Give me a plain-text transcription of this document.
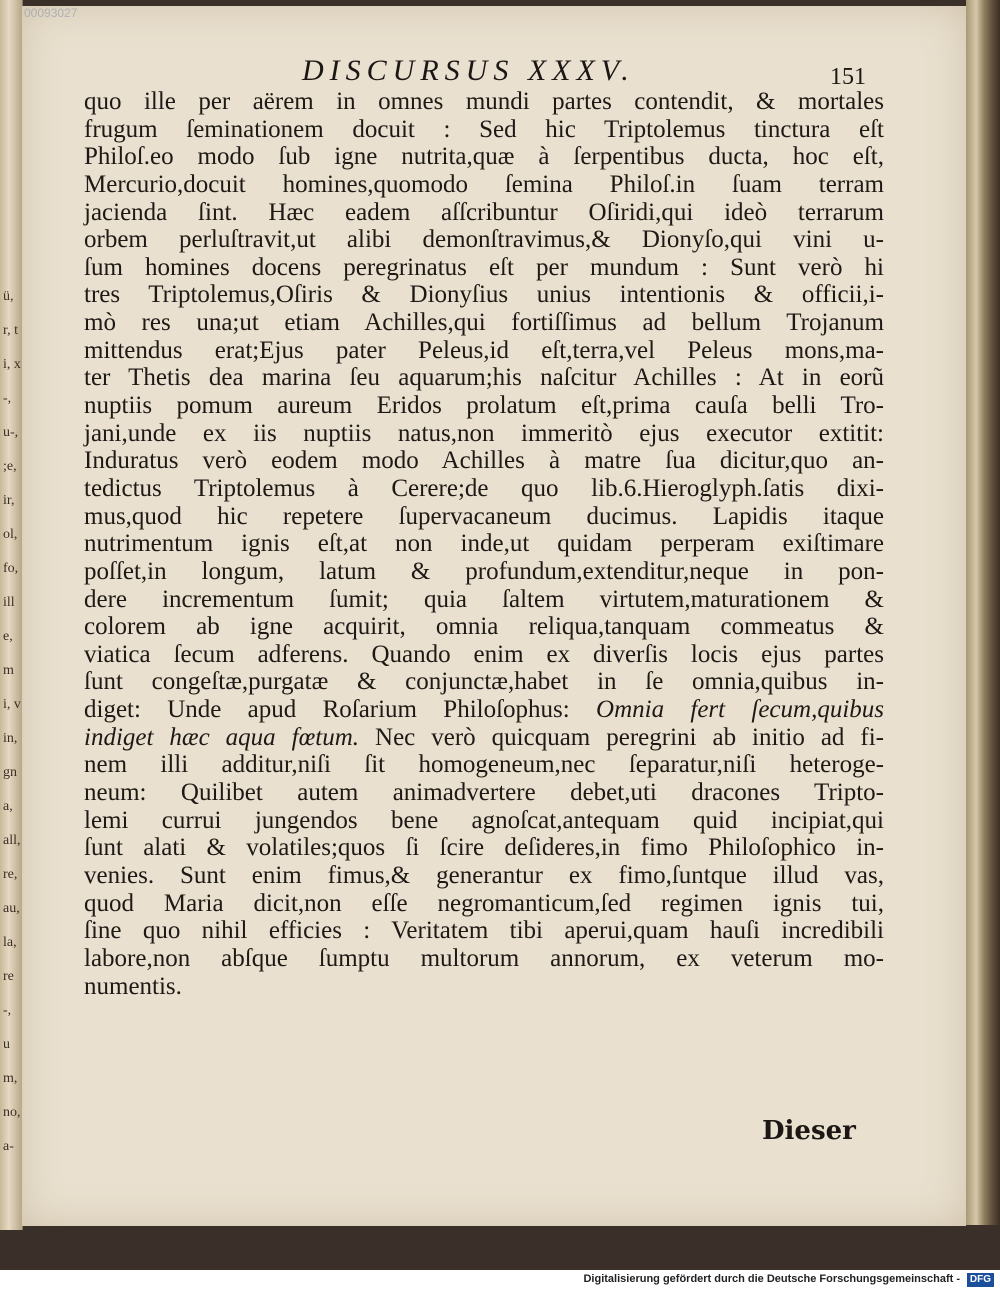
ü, r, ti, x-, u-, ;e, ir, ol, fo, ille, mi, vin, gna, all, re, au, la, re-, um, no, a-
00093027
DISCURSUS XXXV.	151
quo ille per aërem in omnes mundi partes contendit, & mortales
frugum ſeminationem docuit : Sed hic Triptolemus tinctura eſt
Philoſ.eo modo ſub igne nutrita,quæ à ſerpentibus ducta, hoc eſt,
Mercurio,docuit homines,quomodo ſemina Philoſ.in ſuam terram
jacienda ſint. Hæc eadem aſſcribuntur Oſiridi,qui ideò terrarum
orbem perluſtravit,ut alibi demonſtravimus,& Dionyſo,qui vini u-
ſum homines docens peregrinatus eſt per mundum : Sunt verò hi
tres Triptolemus,Oſiris & Dionyſius unius intentionis & officii,i-
mò res una;ut etiam Achilles,qui fortiſſimus ad bellum Trojanum
mittendus erat;Ejus pater Peleus,id eſt,terra,vel Peleus mons,ma-
ter Thetis dea marina ſeu aquarum;his naſcitur Achilles : At in eorũ
nuptiis pomum aureum Eridos prolatum eſt,prima cauſa belli Tro-
jani,unde ex iis nuptiis natus,non immeritò ejus executor extitit:
Induratus verò eodem modo Achilles à matre ſua dicitur,quo an-
tedictus Triptolemus à Cerere;de quo lib.6.Hieroglyph.ſatis dixi-
mus,quod hic repetere ſupervacaneum ducimus. Lapidis itaque
nutrimentum ignis eſt,at non inde,ut quidam perperam exiſtimare
poſſet,in longum, latum & profundum,extenditur,neque in pon-
dere incrementum ſumit; quia ſaltem virtutem,maturationem &
colorem ab igne acquirit, omnia reliqua,tanquam commeatus &
viatica ſecum adferens. Quando enim ex diverſis locis ejus partes
ſunt congeſtæ,purgatæ & conjunctæ,habet in ſe omnia,quibus in-
diget: Unde apud Roſarium Philoſophus: Omnia fert ſecum,quibus
indiget hæc aqua fœtum. Nec verò quicquam peregrini ab initio ad fi-
nem illi additur,niſi ſit homogeneum,nec ſeparatur,niſi heteroge-
neum: Quilibet autem animadvertere debet,uti dracones Tripto-
lemi currui jungendos bene agnoſcat,antequam quid incipiat,qui
ſunt alati & volatiles;quos ſi ſcire deſideres,in fimo Philoſophico in-
venies. Sunt enim fimus,& generantur ex fimo,ſuntque illud vas,
quod Maria dicit,non eſſe negromanticum,ſed regimen ignis tui,
ſine quo nihil efficies : Veritatem tibi aperui,quam hauſi incredibili
labore,non abſque ſumptu multorum annorum, ex veterum mo-
numentis.
Dieser
Digitalisierung gefördert durch die Deutsche Forschungsgemeinschaft - DFG
